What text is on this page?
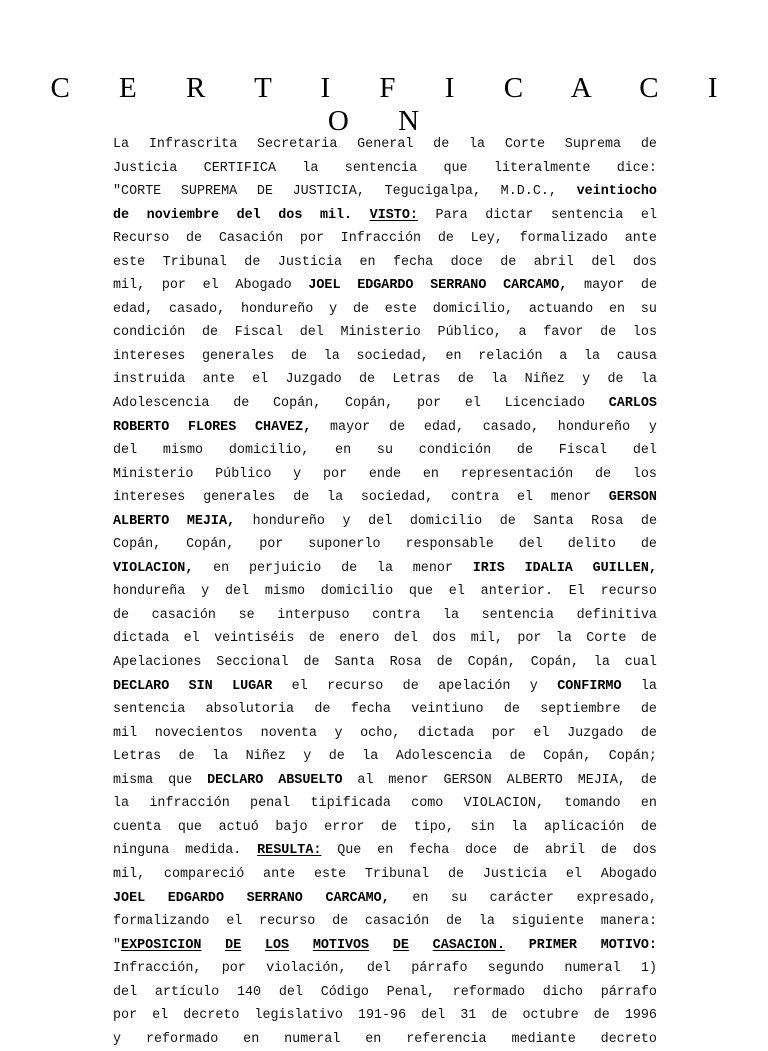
C E R T I F I C A C I O N
La Infrascrita Secretaria General de la Corte Suprema de
Justicia CERTIFICA la sentencia que literalmente dice:
"CORTE SUPREMA DE JUSTICIA, Tegucigalpa, M.D.C., veintiocho
de noviembre del dos mil. VISTO: Para dictar sentencia el
Recurso de Casación por Infracción de Ley, formalizado ante
este Tribunal de Justicia en fecha doce de abril del dos
mil, por el Abogado JOEL EDGARDO SERRANO CARCAMO, mayor de
edad, casado, hondureño y de este domicilio, actuando en su
condición de Fiscal del Ministerio Público, a favor de los
intereses generales de la sociedad, en relación a la causa
instruida ante el Juzgado de Letras de la Niñez y de la
Adolescencia de Copán, Copán, por el Licenciado CARLOS
ROBERTO FLORES CHAVEZ, mayor de edad, casado, hondureño y
del mismo domicilio, en su condición de Fiscal del
Ministerio Público y por ende en representación de los
intereses generales de la sociedad, contra el menor GERSON
ALBERTO MEJIA, hondureño y del domicilio de Santa Rosa de
Copán, Copán, por suponerlo responsable del delito de
VIOLACION, en perjuicio de la menor IRIS IDALIA GUILLEN,
hondureña y del mismo domicilio que el anterior. El recurso
de casación se interpuso contra la sentencia definitiva
dictada el veintiséis de enero del dos mil, por la Corte de
Apelaciones Seccional de Santa Rosa de Copán, Copán, la cual
DECLARO SIN LUGAR el recurso de apelación y CONFIRMO la
sentencia absolutoria de fecha veintiuno de septiembre de
mil novecientos noventa y ocho, dictada por el Juzgado de
Letras de la Niñez y de la Adolescencia de Copán, Copán;
misma que DECLARO ABSUELTO al menor GERSON ALBERTO MEJIA, de
la infracción penal tipificada como VIOLACION, tomando en
cuenta que actuó bajo error de tipo, sin la aplicación de
ninguna medida. RESULTA: Que en fecha doce de abril de dos
mil, compareció ante este Tribunal de Justicia el Abogado
JOEL EDGARDO SERRANO CARCAMO, en su carácter expresado,
formalizando el recurso de casación de la siguiente manera:
"EXPOSICION DE LOS MOTIVOS DE CASACION. PRIMER MOTIVO:
Infracción, por violación, del párrafo segundo numeral 1)
del artículo 140 del Código Penal, reformado dicho párrafo
por el decreto legislativo 191-96 del 31 de octubre de 1996
y reformado en numeral en referencia mediante decreto
